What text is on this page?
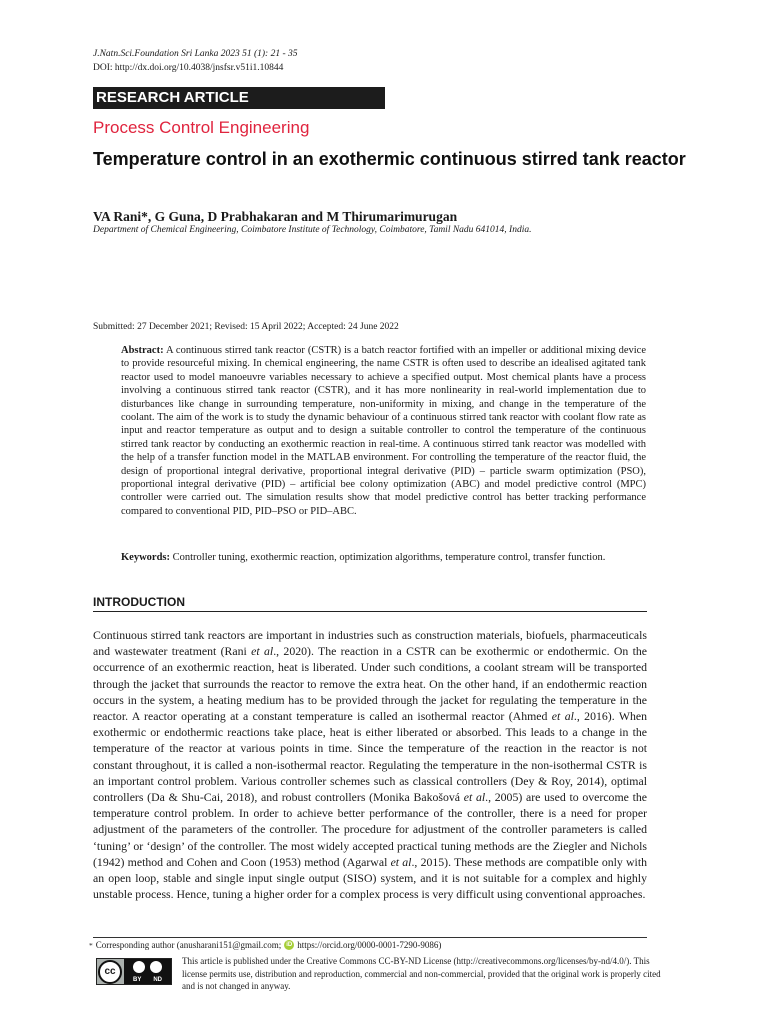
J.Natn.Sci.Foundation Sri Lanka 2023 51 (1): 21 - 35
DOI: http://dx.doi.org/10.4038/jnsfsr.v51i1.10844
RESEARCH ARTICLE
Process Control Engineering
Temperature control in an exothermic continuous stirred tank reactor
VA Rani*, G Guna, D Prabhakaran and M Thirumarimurugan
Department of Chemical Engineering, Coimbatore Institute of Technology, Coimbatore, Tamil Nadu 641014, India.
Submitted: 27 December 2021; Revised: 15 April 2022; Accepted: 24 June 2022

Abstract: A continuous stirred tank reactor (CSTR) is a batch reactor fortified with an impeller or additional mixing device to provide resourceful mixing. In chemical engineering, the name CSTR is often used to describe an idealised agitated tank reactor used to model manoeuvre variables necessary to achieve a specified output. Most chemical plants have a process involving a continuous stirred tank reactor (CSTR), and it has more nonlinearity in real-world implementation due to disturbances like change in surrounding temperature, non-uniformity in mixing, and change in the temperature of the coolant. The aim of the work is to study the dynamic behaviour of a continuous stirred tank reactor with coolant flow rate as input and reactor temperature as output and to design a suitable controller to control the temperature of the continuous stirred tank reactor by conducting an exothermic reaction in real-time. A continuous stirred tank reactor was modelled with the help of a transfer function model in the MATLAB environment. For controlling the temperature of the reactor fluid, the design of proportional integral derivative, proportional integral derivative (PID) – particle swarm optimization (PSO), proportional integral derivative (PID) – artificial bee colony optimization (ABC) and model predictive control (MPC) controller were carried out. The simulation results show that model predictive control has better tracking performance compared to conventional PID, PID–PSO or PID–ABC.

Keywords: Controller tuning, exothermic reaction, optimization algorithms, temperature control, transfer function.

INTRODUCTION

Continuous stirred tank reactors are important in industries such as construction materials, biofuels, pharmaceuticals and wastewater treatment (Rani et al., 2020). The reaction in a CSTR can be exothermic or endothermic. On the occurrence of an exothermic reaction, heat is liberated. Under such conditions, a coolant stream will be transported through the jacket that surrounds the reactor to remove the extra heat. On the other hand, if an endothermic reaction occurs in the system, a heating medium has to be provided through the jacket for regulating the temperature in the reactor. A reactor operating at a constant temperature is called an isothermal reactor (Ahmed et al., 2016). When exothermic or endothermic reactions take place, heat is either liberated or absorbed. This leads to a change in the temperature of the reactor at various points in time. Since the temperature of the reaction in the reactor is not constant throughout, it is called a non-isothermal reactor. Regulating the temperature in the non-isothermal CSTR is an important control problem. Various controller schemes such as classical controllers (Dey & Roy, 2014), optimal controllers (Da & Shu-Cai, 2018), and robust controllers (Monika Bakošová et al., 2005) are used to overcome the temperature control problem. In order to achieve better performance of the controller, there is a need for proper adjustment of the parameters of the controller. The procedure for adjustment of the controller parameters is called ‘tuning’ or ‘design’ of the controller. The most widely accepted practical tuning methods are the Ziegler and Nichols (1942) method and Cohen and Coon (1953) method (Agarwal et al., 2015). These methods are compatible only with an open loop, stable and single input single output (SISO) system, and it is not suitable for a complex and highly unstable process. Hence, tuning a higher order for a complex process is very difficult using conventional approaches.

* Corresponding author (anusharani151@gmail.com; iD https://orcid.org/0000-0001-7290-9086)
cc
BY ND

This article is published under the Creative Commons CC-BY-ND License (http://creativecommons.org/licenses/by-nd/4.0/). This license permits use, distribution and reproduction, commercial and non-commercial, provided that the original work is properly cited and is not changed in anyway.
